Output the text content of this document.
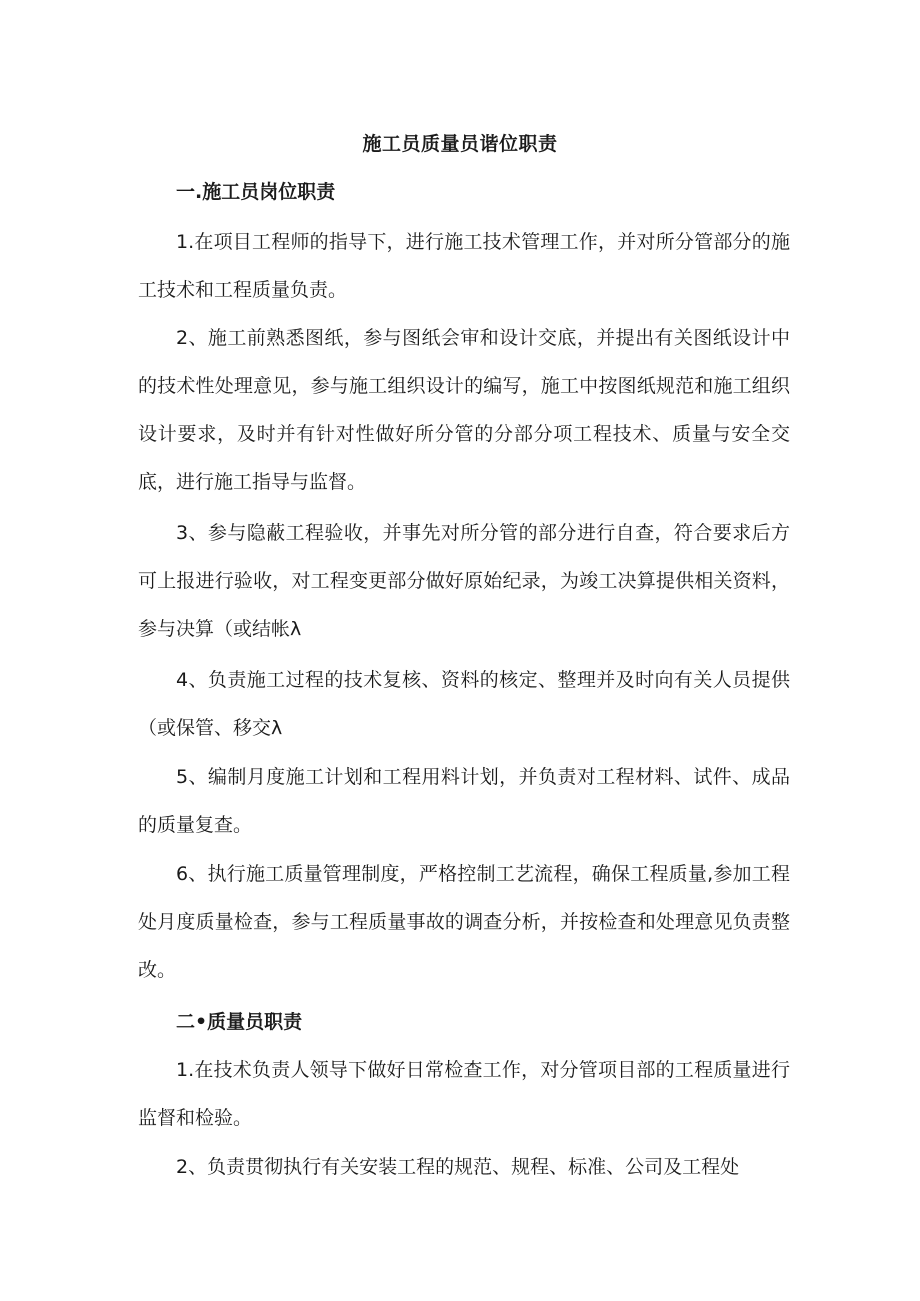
施工员质量员谐位职责
一.施工员岗位职责

1.在项目工程师的指导下，进行施工技术管理工作，并对所分管部分的施工技术和工程质量负责。

2、施工前熟悉图纸，参与图纸会审和设计交底，并提出有关图纸设计中的技术性处理意见，参与施工组织设计的编写，施工中按图纸规范和施工组织设计要求，及时并有针对性做好所分管的分部分项工程技术、质量与安全交底，进行施工指导与监督。

3、参与隐蔽工程验收，并事先对所分管的部分进行自查，符合要求后方可上报进行验收，对工程变更部分做好原始纪录，为竣工决算提供相关资料，参与决算（或结帐λ

4、负责施工过程的技术复核、资料的核定、整理并及时向有关人员提供（或保管、移交λ

5、编制月度施工计划和工程用料计划，并负责对工程材料、试件、成品的质量复查。

6、执行施工质量管理制度，严格控制工艺流程，确保工程质量,参加工程处月度质量检查，参与工程质量事故的调查分析，并按检查和处理意见负责整改。

二•质量员职责

1.在技术负责人领导下做好日常检查工作，对分管项目部的工程质量进行监督和检验。

2、负责贯彻执行有关安装工程的规范、规程、标准、公司及工程处
